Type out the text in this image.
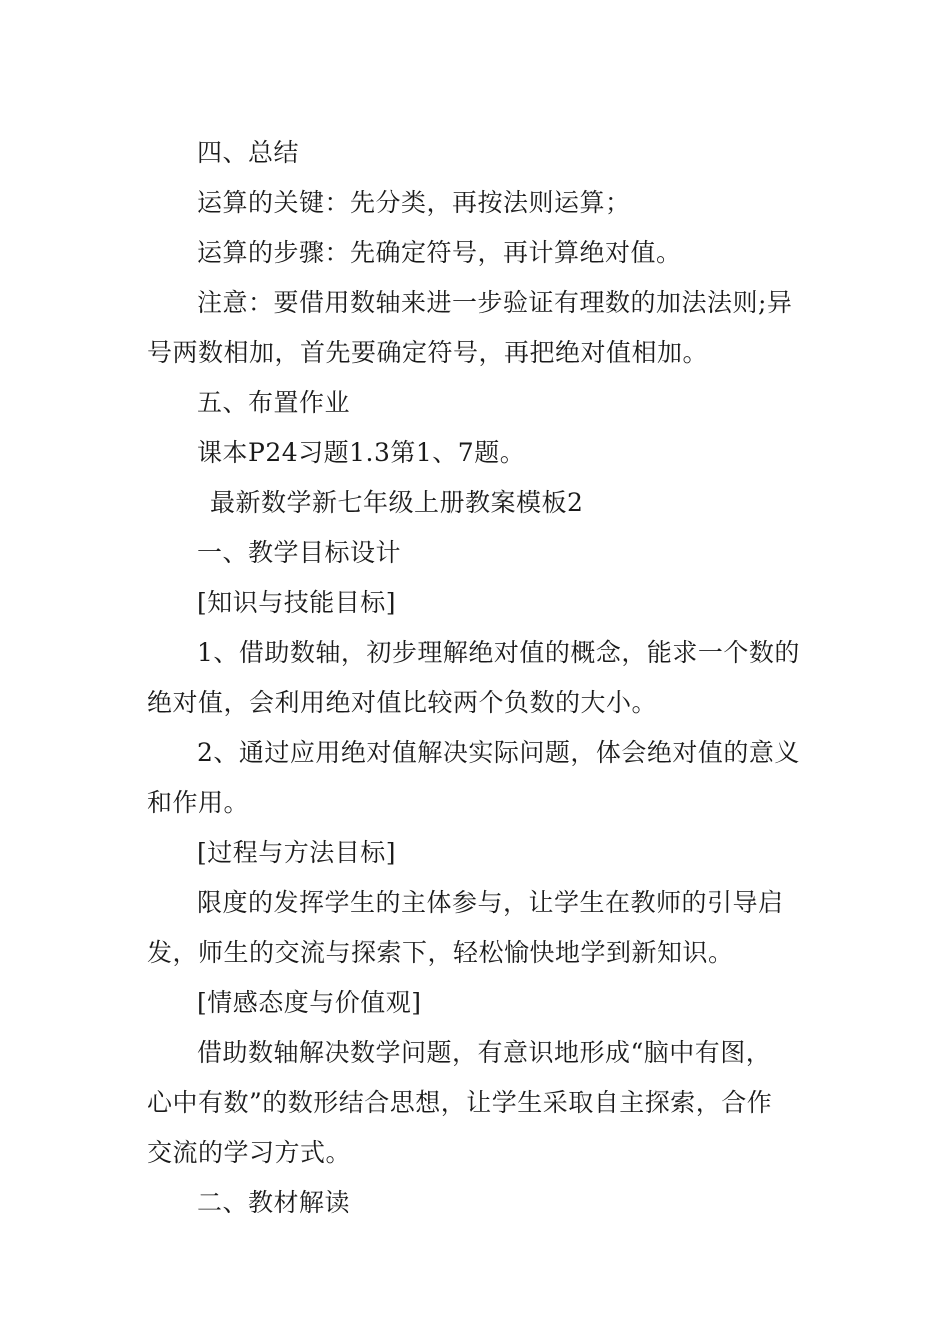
四、总结
运算的关键：先分类，再按法则运算；
运算的步骤：先确定符号，再计算绝对值。
注意：要借用数轴来进一步验证有理数的加法法则;异
号两数相加，首先要确定符号，再把绝对值相加。
五、布置作业
课本P24习题1.3第1、7题。
最新数学新七年级上册教案模板2
一、教学目标设计
[知识与技能目标]
1、借助数轴，初步理解绝对值的概念，能求一个数的
绝对值，会利用绝对值比较两个负数的大小。
2、通过应用绝对值解决实际问题，体会绝对值的意义
和作用。
[过程与方法目标]
限度的发挥学生的主体参与，让学生在教师的引导启
发，师生的交流与探索下，轻松愉快地学到新知识。
[情感态度与价值观]
借助数轴解决数学问题，有意识地形成“脑中有图，
心中有数”的数形结合思想，让学生采取自主探索，合作
交流的学习方式。
二、教材解读
